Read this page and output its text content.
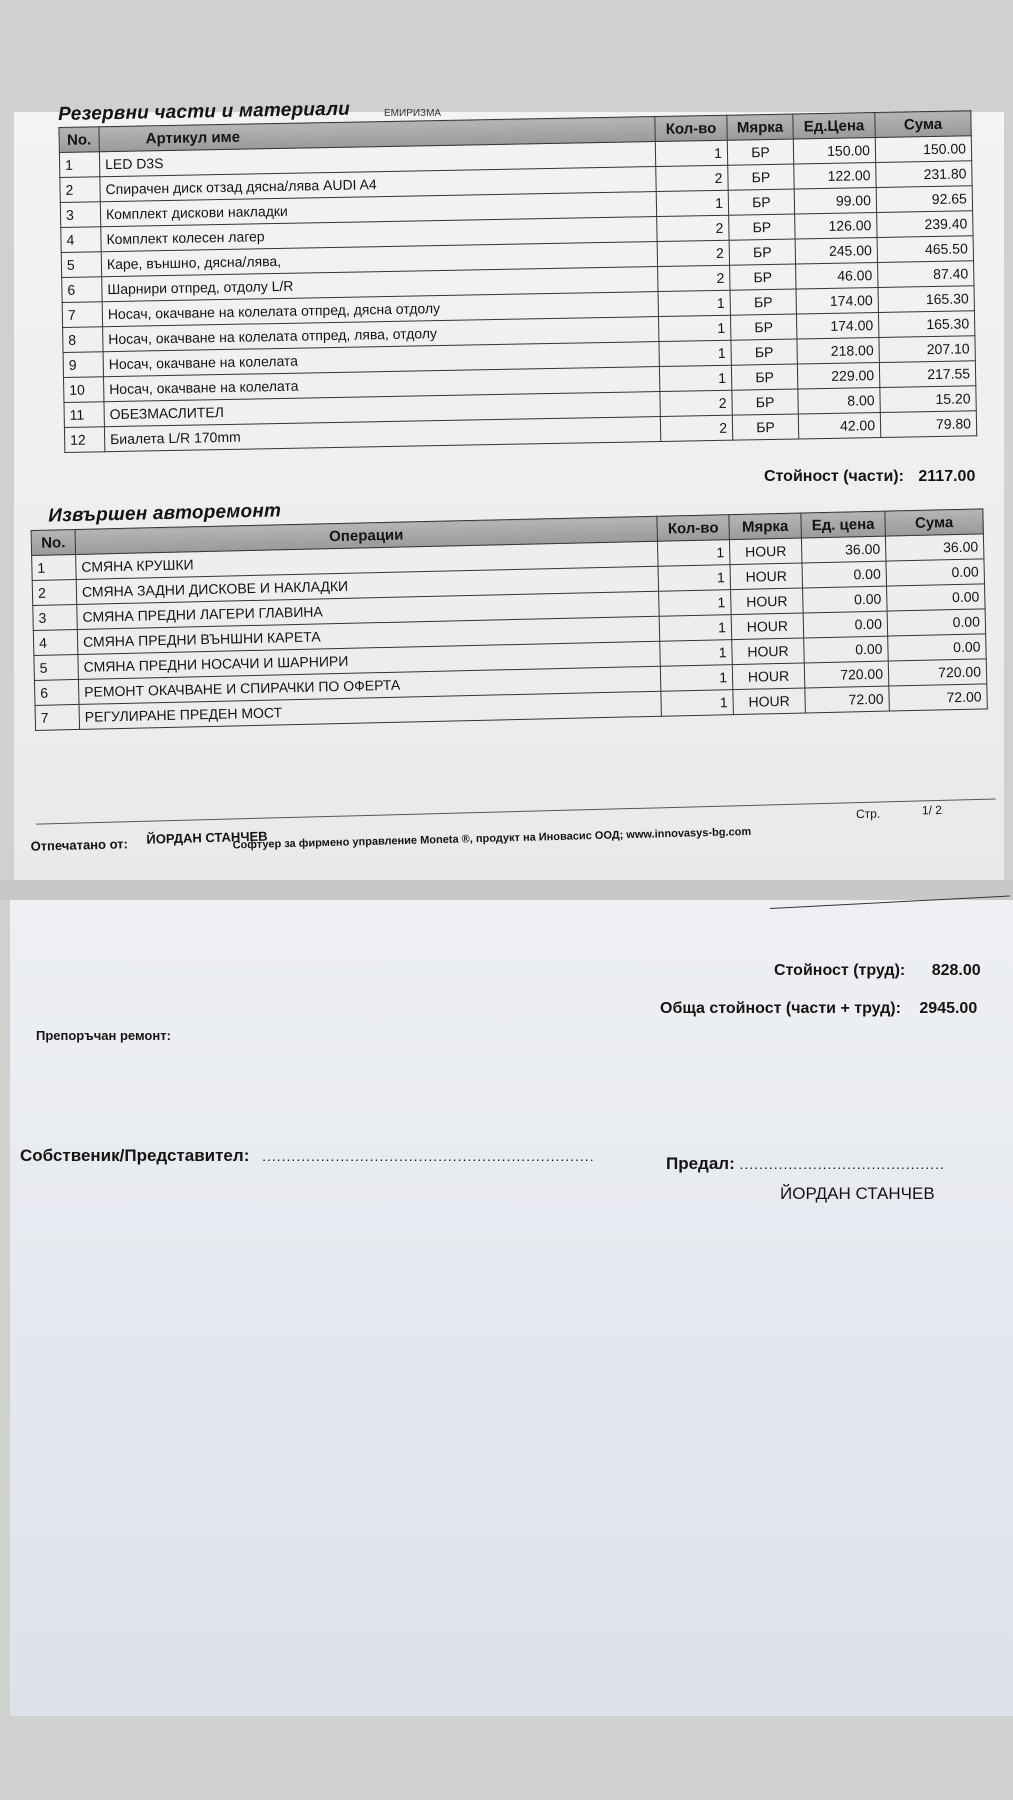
ЕМИРИЗМА
Резервни части и материали
No.	Артикул име	Кол-во	Мярка	Ед.Цена	Сума
1	LED D3S	1	БР	150.00	150.00
2	Спирачен диск отзад дясна/лява AUDI A4	2	БР	122.00	231.80
3	Комплект дискови накладки	1	БР	99.00	92.65
4	Комплект колесен лагер	2	БР	126.00	239.40
5	Каре, външно, дясна/лява,	2	БР	245.00	465.50
6	Шарнири отпред, отдолу L/R	2	БР	46.00	87.40
7	Носач, окачване на колелата отпред, дясна отдолу	1	БР	174.00	165.30
8	Носач, окачване на колелата отпред, лява, отдолу	1	БР	174.00	165.30
9	Носач, окачване на колелата	1	БР	218.00	207.10
10	Носач, окачване на колелата	1	БР	229.00	217.55
11	ОБЕЗМАСЛИТЕЛ	2	БР	8.00	15.20
12	Биалета L/R 170mm	2	БР	42.00	79.80
Стойност (части): 2117.00
Извършен авторемонт
No.	Операции	Кол-во	Мярка	Ед. цена	Сума
1	СМЯНА КРУШКИ	1	HOUR	36.00	36.00
2	СМЯНА ЗАДНИ ДИСКОВЕ И НАКЛАДКИ	1	HOUR	0.00	0.00
3	СМЯНА ПРЕДНИ ЛАГЕРИ ГЛАВИНА	1	HOUR	0.00	0.00
4	СМЯНА ПРЕДНИ ВЪНШНИ КАРЕТА	1	HOUR	0.00	0.00
5	СМЯНА ПРЕДНИ НОСАЧИ И ШАРНИРИ	1	HOUR	0.00	0.00
6	РЕМОНТ ОКАЧВАНЕ И СПИРАЧКИ ПО ОФЕРТА	1	HOUR	720.00	720.00
7	РЕГУЛИРАНЕ ПРЕДЕН МОСТ	1	HOUR	72.00	72.00
Отпечатано от: ЙОРДАН СТАНЧЕВ
Софтуер за фирмено управление Moneta ®, продукт на Иновасис ООД; www.innovasys-bg.com
Стр.	1/ 2
Стойност (труд): 828.00
Обща стойност (части + труд): 2945.00
Препоръчан ремонт:
Собственик/Представител: ....................................................................	Предал: ..........................................
ЙОРДАН СТАНЧЕВ
